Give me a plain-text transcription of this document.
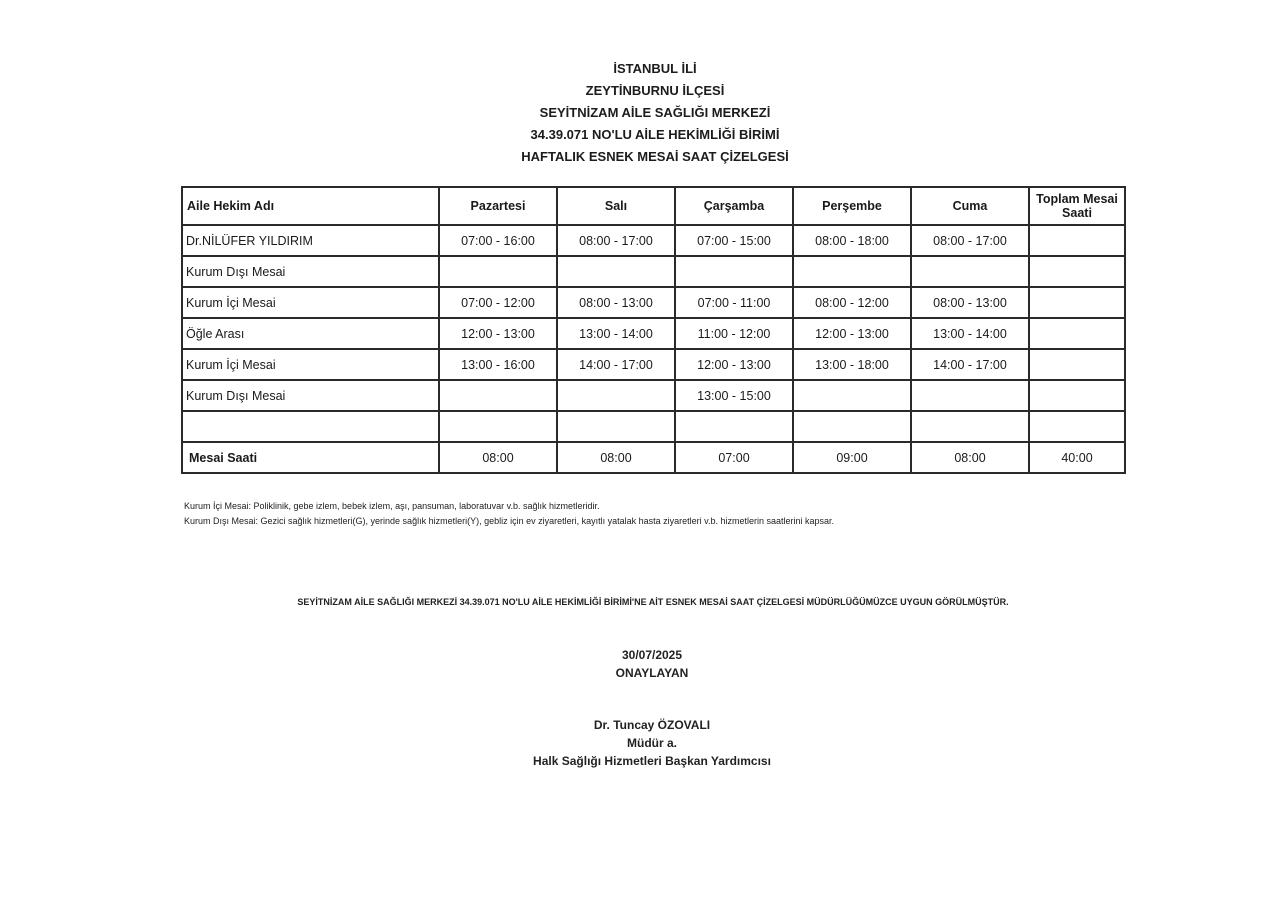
İSTANBUL İLİ
ZEYTİNBURNU İLÇESİ
SEYİTNİZAM AİLE SAĞLIĞI MERKEZİ
34.39.071 NO'LU AİLE HEKİMLİĞİ BİRİMİ
HAFTALIK ESNEK MESAİ SAAT ÇİZELGESİ
Aile Hekim Adı	Pazartesi	Salı	Çarşamba	Perşembe	Cuma	Toplam Mesai Saati
Dr.NİLÜFER YILDIRIM	07:00 - 16:00	08:00 - 17:00	07:00 - 15:00	08:00 - 18:00	08:00 - 17:00	
Kurum Dışı Mesai						
Kurum İçi Mesai	07:00 - 12:00	08:00 - 13:00	07:00 - 11:00	08:00 - 12:00	08:00 - 13:00	
Öğle Arası	12:00 - 13:00	13:00 - 14:00	11:00 - 12:00	12:00 - 13:00	13:00 - 14:00	
Kurum İçi Mesai	13:00 - 16:00	14:00 - 17:00	12:00 - 13:00	13:00 - 18:00	14:00 - 17:00	
Kurum Dışı Mesai			13:00 - 15:00			

Mesai Saati	08:00	08:00	07:00	09:00	08:00	40:00
Kurum İçi Mesai: Poliklinik, gebe izlem, bebek izlem, aşı, pansuman, laboratuvar v.b. sağlık hizmetleridir.
Kurum Dışı Mesai: Gezici sağlık hizmetleri(G), yerinde sağlık hizmetleri(Y), gebliz için ev ziyaretleri, kayıtlı yatalak hasta ziyaretleri v.b. hizmetlerin saatlerini kapsar.
SEYİTNİZAM AİLE SAĞLIĞI MERKEZİ 34.39.071 NO'LU AİLE HEKİMLİĞİ BİRİMİ'NE AİT ESNEK MESAİ SAAT ÇİZELGESİ MÜDÜRLÜĞÜMÜZCE UYGUN GÖRÜLMÜŞTÜR.
30/07/2025
ONAYLAYAN
Dr. Tuncay ÖZOVALI
Müdür a.
Halk Sağlığı Hizmetleri Başkan Yardımcısı
